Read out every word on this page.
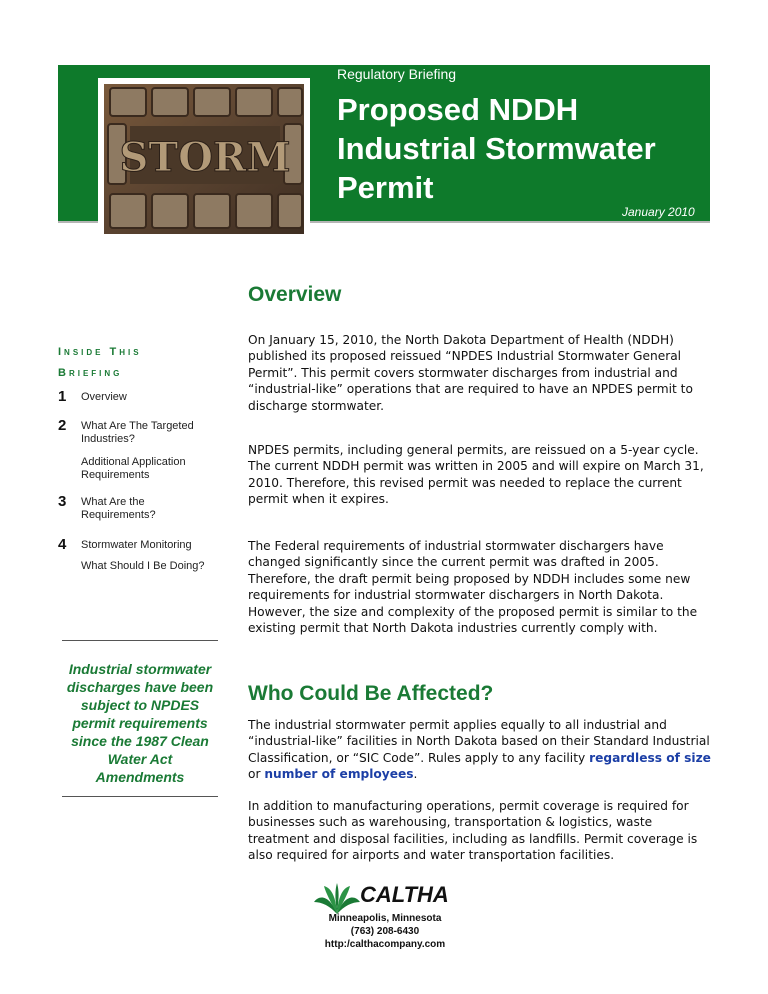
STORM
Regulatory Briefing
Proposed NDDH Industrial Stormwater Permit
January 2010
Inside This
Briefing
1 Overview
2 What Are The Targeted Industries?
Additional Application Requirements
3 What Are the Requirements?
4 Stormwater Monitoring
What Should I Be Doing?
Industrial stormwater discharges have been subject to NPDES permit requirements since the 1987 Clean Water Act Amendments
Overview

On January 15, 2010, the North Dakota Department of Health (NDDH) published its proposed reissued “NPDES Industrial Stormwater General Permit”. This permit covers stormwater discharges from industrial and “industrial-like” operations that are required to have an NPDES permit to discharge stormwater.

NPDES permits, including general permits, are reissued on a 5-year cycle. The current NDDH permit was written in 2005 and will expire on March 31, 2010. Therefore, this revised permit was needed to replace the current permit when it expires.

The Federal requirements of industrial stormwater dischargers have changed significantly since the current permit was drafted in 2005. Therefore, the draft permit being proposed by NDDH includes some new requirements for industrial stormwater dischargers in North Dakota. However, the size and complexity of the proposed permit is similar to the existing permit that North Dakota industries currently comply with.

Who Could Be Affected?

The industrial stormwater permit applies equally to all industrial and “industrial-like” facilities in North Dakota based on their Standard Industrial Classification, or “SIC Code”. Rules apply to any facility regardless of size or number of employees.

In addition to manufacturing operations, permit coverage is required for businesses such as warehousing, transportation & logistics, waste treatment and disposal facilities, including as landfills. Permit coverage is also required for airports and water transportation facilities.

CALTHA
Minneapolis, Minnesota
(763) 208-6430
http:/calthacompany.com
